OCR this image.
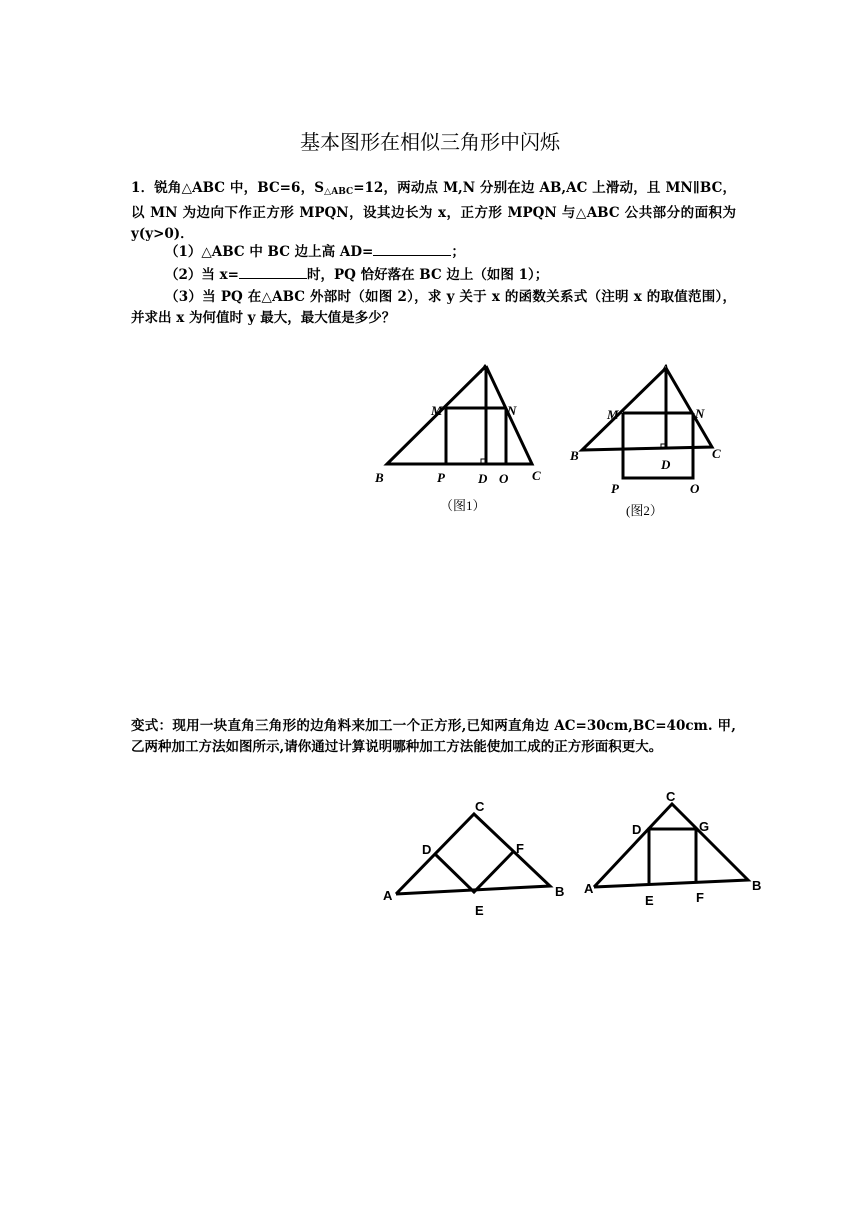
基本图形在相似三角形中闪烁
1．锐角△ABC 中，BC=6，$S_{\triangle ABC}=12$，两动点 M,N 分别在边 AB,AC 上滑动，且 MN∥BC，以 MN 为边向下作正方形 MPQN，设其边长为 x，正方形 MPQN 与△ABC 公共部分的面积为 y(y>0)．
（1）△ABC 中 BC 边上高 AD=	；
（2）当 x=	时，PQ 恰好落在 BC 边上（如图 1）；
（3）当 PQ 在△ABC 外部时（如图 2），求 y 关于 x 的函数关系式（注明 x 的取值范围），并求出 x 为何值时 y 最大，最大值是多少？
变式：现用一块直角三角形的边角料来加工一个正方形,已知两直角边 AC=30cm,BC=40cm. 甲,乙两种加工方法如图所示,请你通过计算说明哪种加工方法能使加工成的正方形面积更大。
A
M	N
B	P	D O C
（图1）
A
M	N
B	C
D
P	O
(图2）
C
D	F
A	B
E
C
D	G
A	B
E	F
